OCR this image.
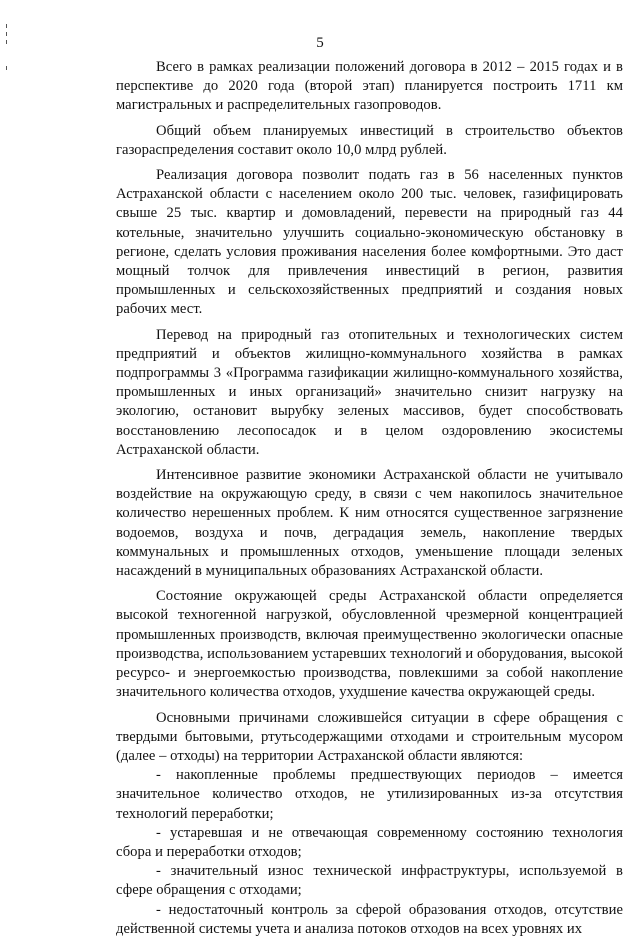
5

Всего в рамках реализации положений договора в 2012 – 2015 годах и в перспективе до 2020 года (второй этап) планируется построить 1711 км магистральных и распределительных газопроводов.

Общий объем планируемых инвестиций в строительство объектов газораспределения составит около 10,0 млрд рублей.

Реализация договора позволит подать газ в 56 населенных пунктов Астраханской области с населением около 200 тыс. человек, газифицировать свыше 25 тыс. квартир и домовладений, перевести на природный газ 44 котельные, значительно улучшить социально-экономическую обстановку в регионе, сделать условия проживания населения более комфортными. Это даст мощный толчок для привлечения инвестиций в регион, развития промышленных и сельскохозяйственных предприятий и создания новых рабочих мест.

Перевод на природный газ отопительных и технологических систем предприятий и объектов жилищно-коммунального хозяйства в рамках подпрограммы 3 «Программа газификации жилищно-коммунального хозяйства, промышленных и иных организаций» значительно снизит нагрузку на экологию, остановит вырубку зеленых массивов, будет способствовать восстановлению лесопосадок и в целом оздоровлению экосистемы Астраханской области.

Интенсивное развитие экономики Астраханской области не учитывало воздействие на окружающую среду, в связи с чем накопилось значительное количество нерешенных проблем. К ним относятся существенное загрязнение водоемов, воздуха и почв, деградация земель, накопление твердых коммунальных и промышленных отходов, уменьшение площади зеленых насаждений в муниципальных образованиях Астраханской области.

Состояние окружающей среды Астраханской области определяется высокой техногенной нагрузкой, обусловленной чрезмерной концентрацией промышленных производств, включая преимущественно экологически опасные производства, использованием устаревших технологий и оборудования, высокой ресурсо- и энергоемкостью производства, повлекшими за собой накопление значительного количества отходов, ухудшение качества окружающей среды.

Основными причинами сложившейся ситуации в сфере обращения с твердыми бытовыми, ртутьсодержащими отходами и строительным мусором (далее – отходы) на территории Астраханской области являются:

- накопленные проблемы предшествующих периодов – имеется значительное количество отходов, не утилизированных из-за отсутствия технологий переработки;

- устаревшая и не отвечающая современному состоянию технология сбора и переработки отходов;

- значительный износ технической инфраструктуры, используемой в сфере обращения с отходами;

- недостаточный контроль за сферой образования отходов, отсутствие действенной системы учета и анализа потоков отходов на всех уровнях их
